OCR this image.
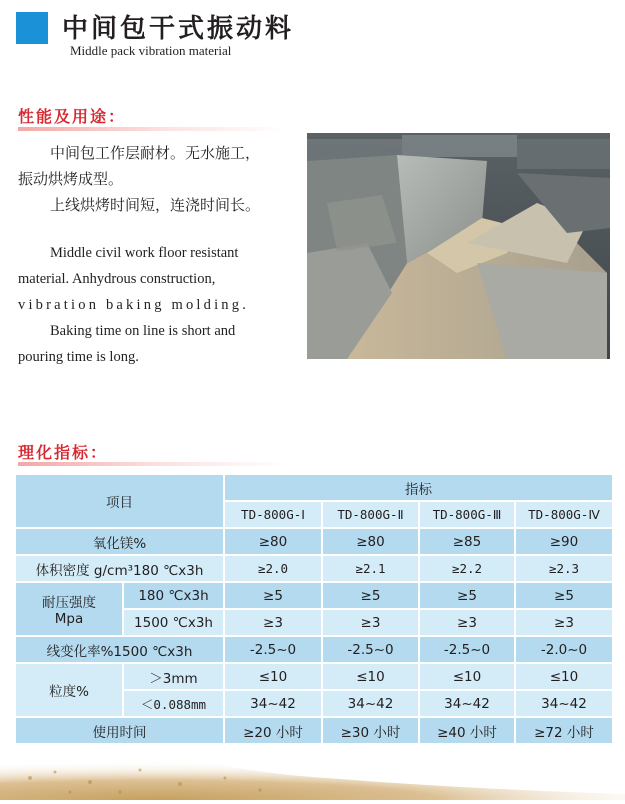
中间包干式振动料
Middle pack vibration material
性能及用途：

中间包工作层耐材。无水施工，

振动烘烤成型。

上线烘烤时间短，连浇时间长。

Middle civil work floor resistant

material. Anhydrous construction,

vibration baking molding.

Baking time on line is short and

pouring time is long.

理化指标：
项目		指标			
		TD-800G-Ⅰ	TD-800G-Ⅱ	TD-800G-Ⅲ	TD-800G-Ⅳ
氧化镁%		≥80	≥80	≥85	≥90
体积密度 g/cm³180 ℃x3h		≥2.0	≥2.1	≥2.2	≥2.3

耐压强度
Mpa	180 ℃x3h	≥5	≥5	≥5	≥5
	1500 ℃x3h	≥3	≥3	≥3	≥3
线变化率%1500 ℃x3h		-2.5~0	-2.5~0	-2.5~0	-2.0~0
粒度%	＞3mm	≤10	≤10	≤10	≤10
	＜0.088mm	34~42	34~42	34~42	34~42
使用时间		≥20 小时	≥30 小时	≥40 小时	≥72 小时
